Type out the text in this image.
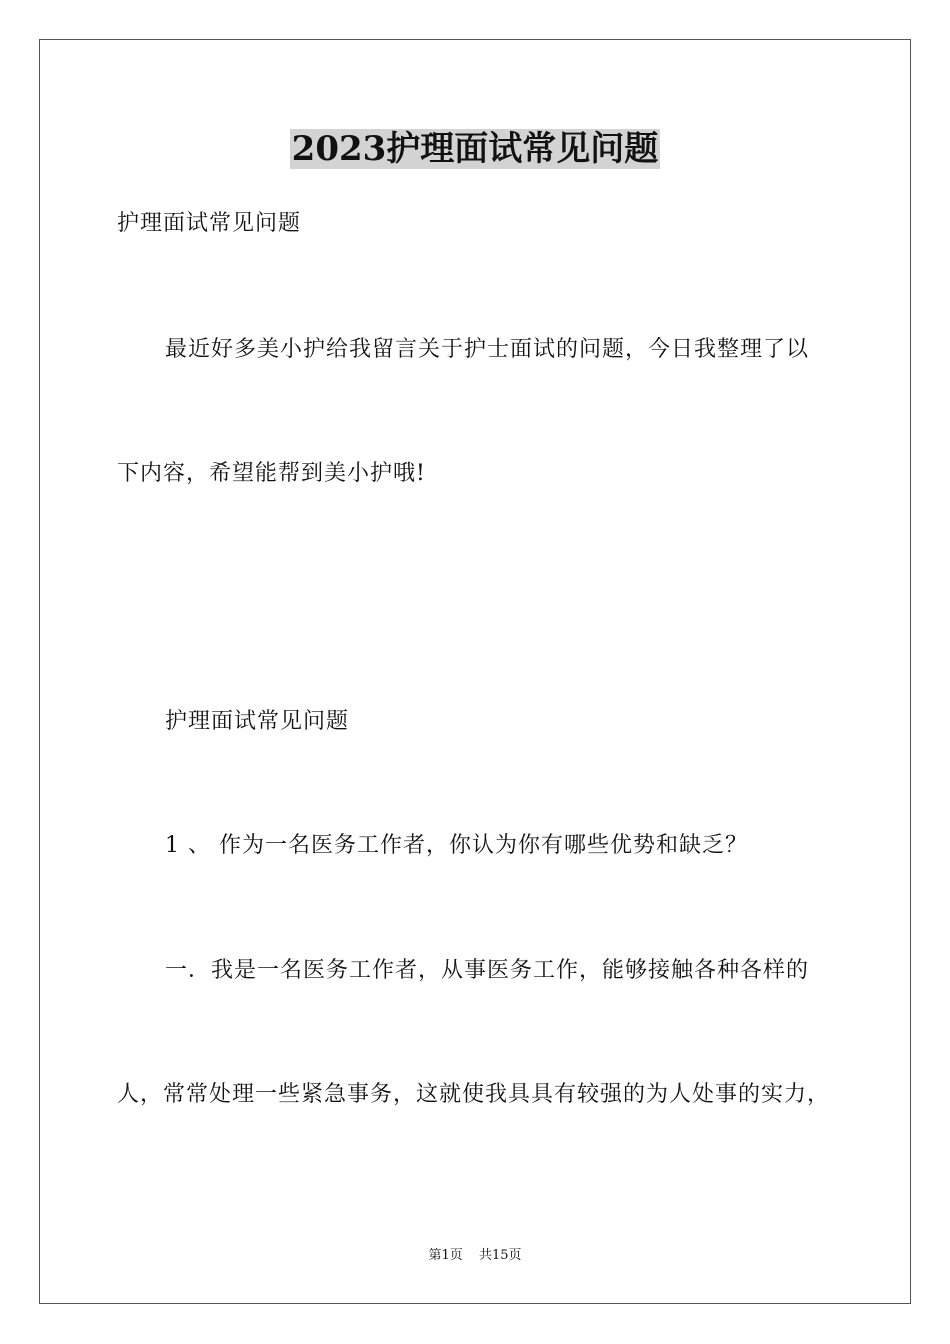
2023护理面试常见问题

护理面试常见问题

最近好多美小护给我留言关于护士面试的问题，今日我整理了以

下内容，希望能帮到美小护哦!

护理面试常见问题

1 、 作为一名医务工作者，你认为你有哪些优势和缺乏？

一．我是一名医务工作者，从事医务工作，能够接触各种各样的

人，常常处理一些紧急事务，这就使我具具有较强的为人处事的实力，

第1页 共15页
